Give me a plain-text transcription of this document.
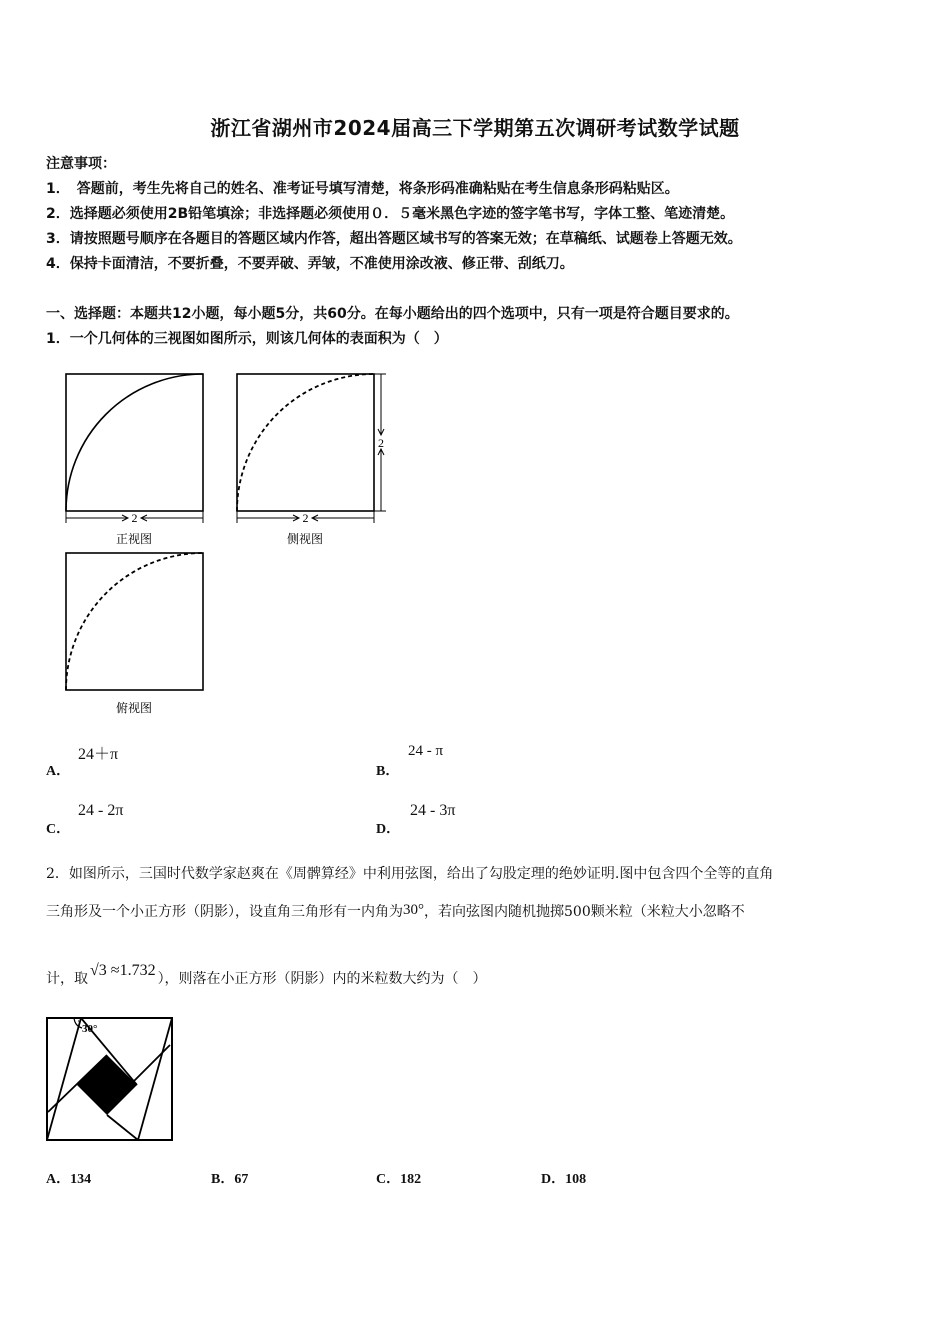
浙江省湖州市2024届高三下学期第五次调研考试数学试题
注意事项：
1．　答题前，考生先将自己的姓名、准考证号填写清楚，将条形码准确粘贴在考生信息条形码粘贴区。
2．选择题必须使用2B铅笔填涂；非选择题必须使用０．５毫米黑色字迹的签字笔书写，字体工整、笔迹清楚。
3．请按照题号顺序在各题目的答题区域内作答，超出答题区域书写的答案无效；在草稿纸、试题卷上答题无效。
4．保持卡面清洁，不要折叠，不要弄破、弄皱，不准使用涂改液、修正带、刮纸刀。
一、选择题：本题共12小题，每小题5分，共60分。在每小题给出的四个选项中，只有一项是符合题目要求的。
1．一个几何体的三视图如图所示，则该几何体的表面积为（　）
2	2
2
正视图	侧视图
俯视图
A．
24＋π
B．
24 - π
C．
24 - 2π
D．
24 - 3π
2．如图所示，三国时代数学家赵爽在《周髀算经》中利用弦图，给出了勾股定理的绝妙证明.图中包含四个全等的直角
三角形及一个小正方形（阴影），设直角三角形有一内角为30°，若向弦图内随机抛掷500颗米粒（米粒大小忽略不
计，取 √3 ≈1.732 ），则落在小正方形（阴影）内的米粒数大约为（　）
30°
A．134	B．67	C．182	D．108
